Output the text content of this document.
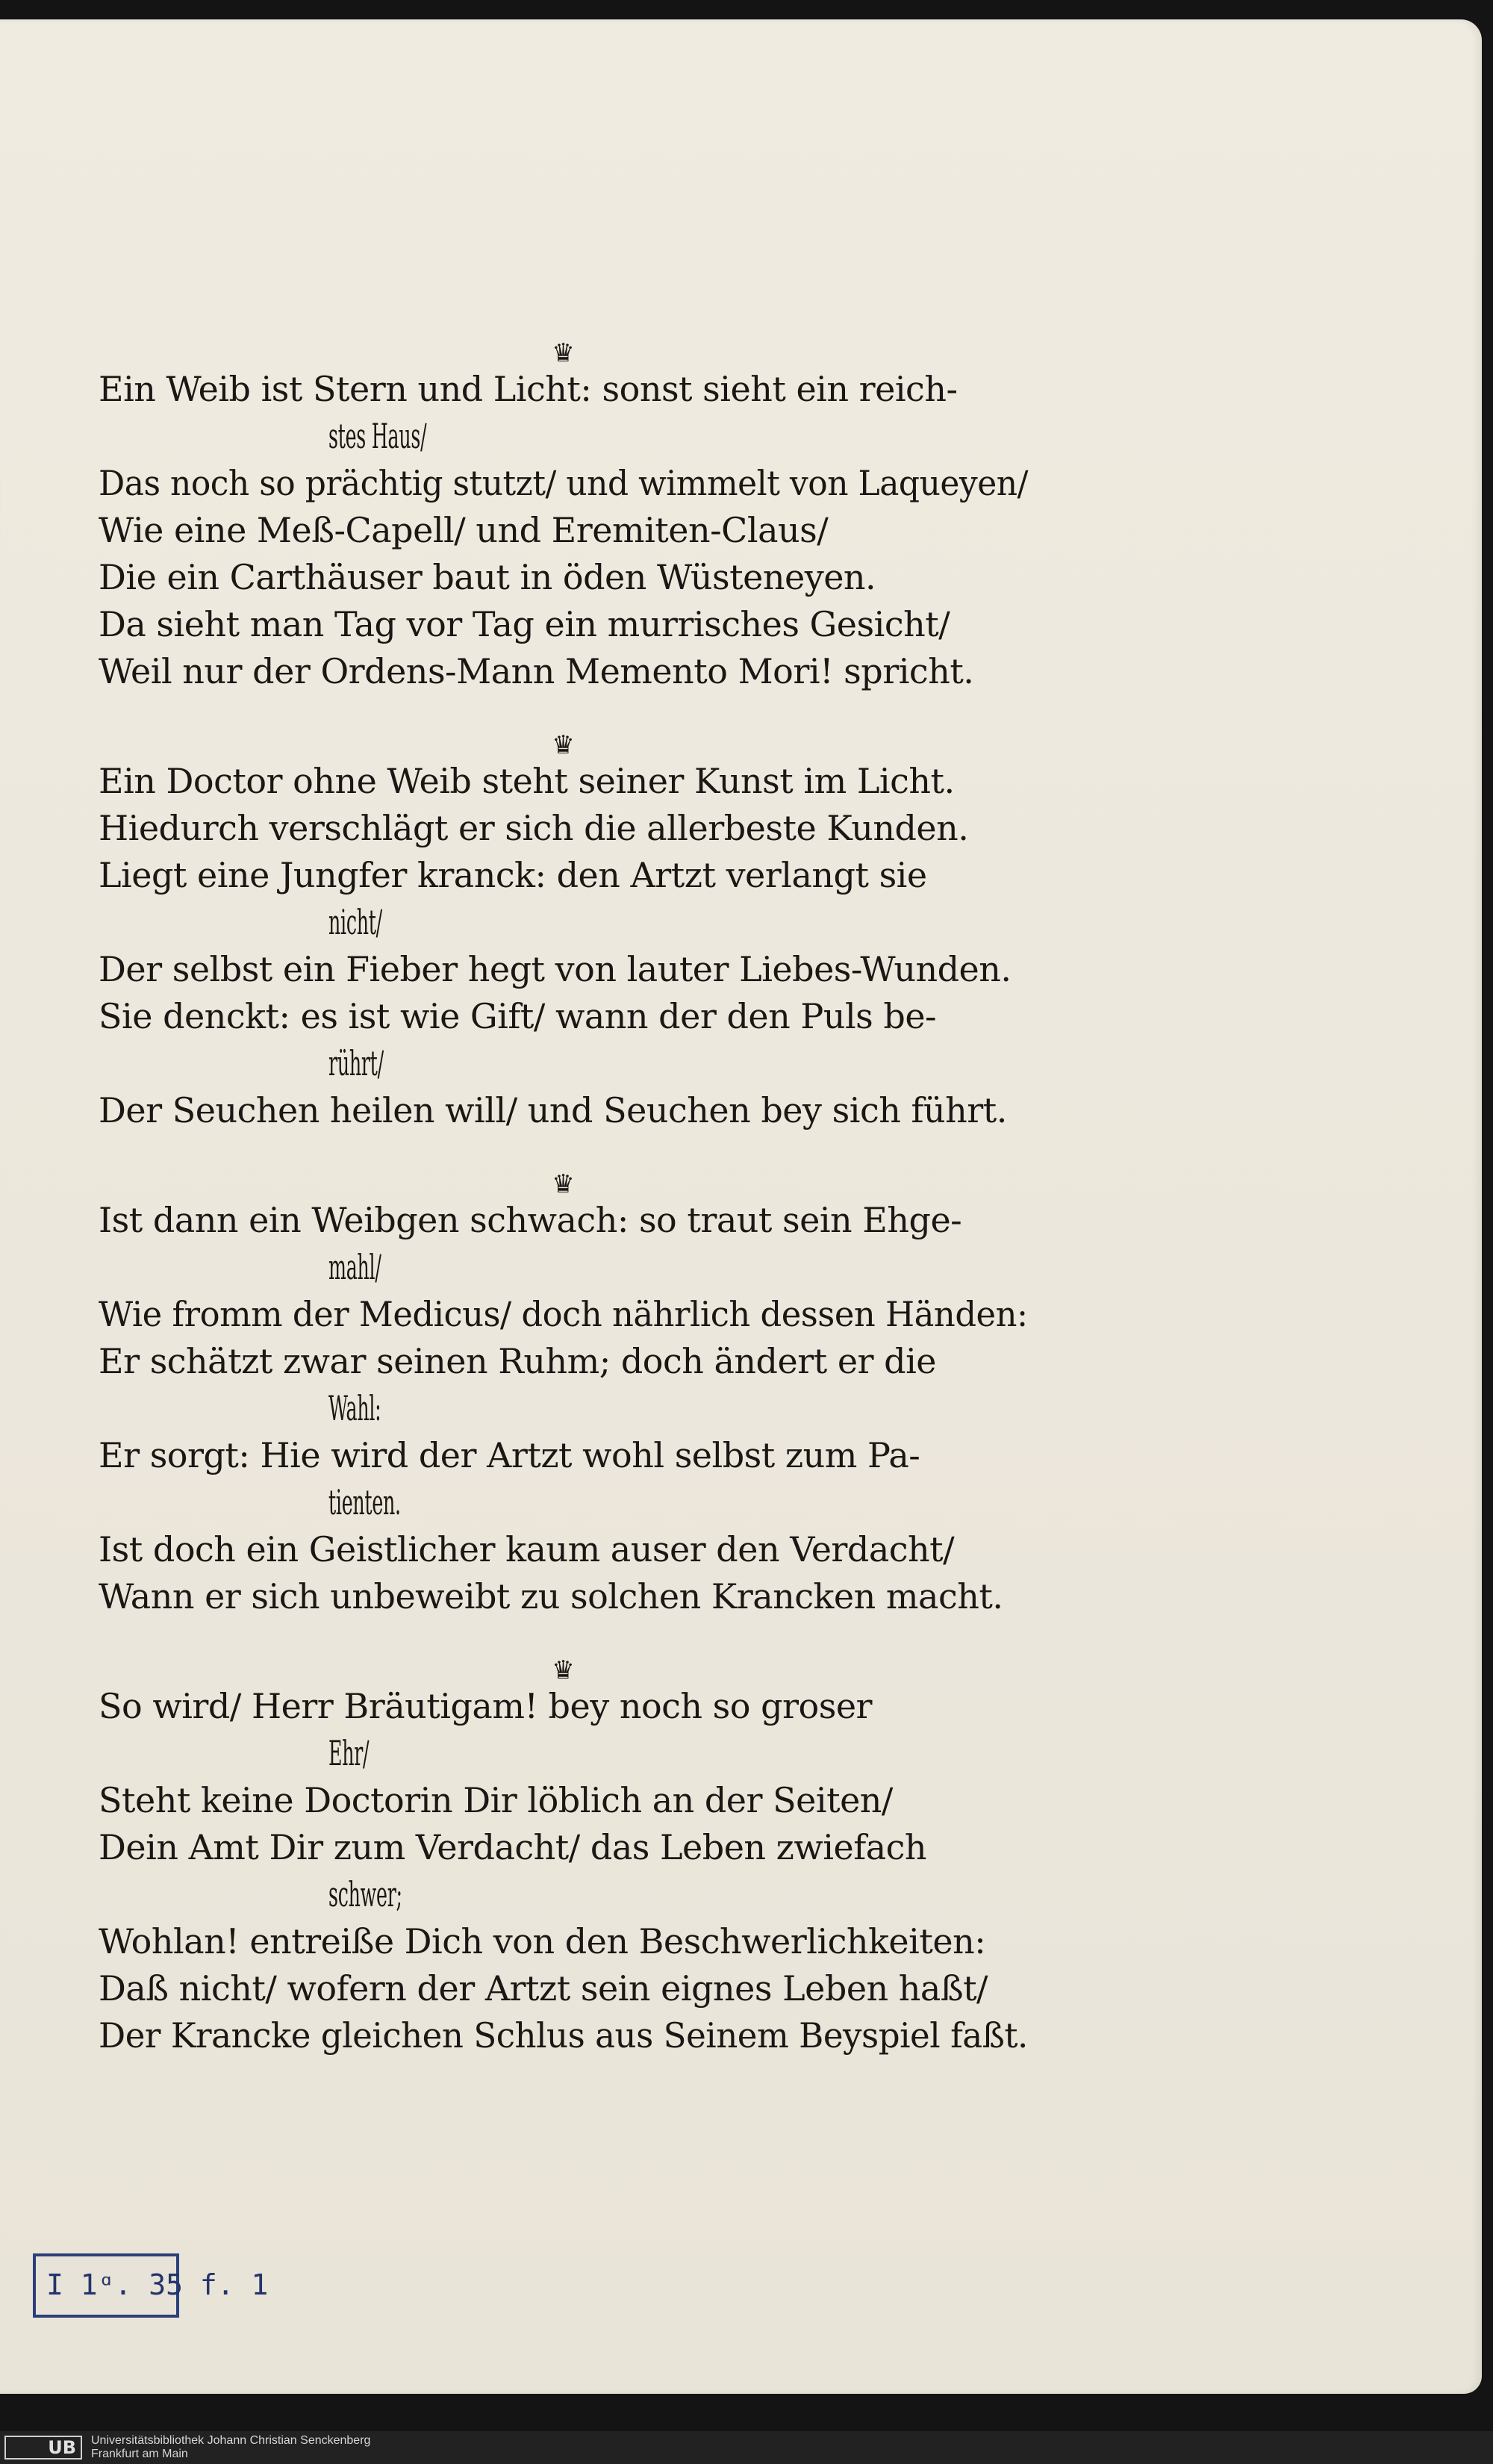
♛
Ein Weib ist Stern und Licht: sonst sieht ein reich-
stes Haus/
Das noch so prächtig stutzt/ und wimmelt von Laqueyen/
Wie eine Meß-Capell/ und Eremiten-Claus/
Die ein Carthäuser baut in öden Wüsteneyen.
Da sieht man Tag vor Tag ein murrisches Gesicht/
Weil nur der Ordens-Mann Memento Mori! spricht.
♛
Ein Doctor ohne Weib steht seiner Kunst im Licht.
Hiedurch verschlägt er sich die allerbeste Kunden.
Liegt eine Jungfer kranck: den Artzt verlangt sie
nicht/
Der selbst ein Fieber hegt von lauter Liebes-Wunden.
Sie denckt: es ist wie Gift/ wann der den Puls be-
rührt/
Der Seuchen heilen will/ und Seuchen bey sich führt.
♛
Ist dann ein Weibgen schwach: so traut sein Ehge-
mahl/
Wie fromm der Medicus/ doch nährlich dessen Händen:
Er schätzt zwar seinen Ruhm; doch ändert er die
Wahl:
Er sorgt: Hie wird der Artzt wohl selbst zum Pa-
tienten.
Ist doch ein Geistlicher kaum auser den Verdacht/
Wann er sich unbeweibt zu solchen Krancken macht.
♛
So wird/ Herr Bräutigam! bey noch so groser
Ehr/
Steht keine Doctorin Dir löblich an der Seiten/
Dein Amt Dir zum Verdacht/ das Leben zwiefach
schwer;
Wohlan! entreiße Dich von den Beschwerlichkeiten:
Daß nicht/ wofern der Artzt sein eignes Leben haßt/
Der Krancke gleichen Schlus aus Seinem Beyspiel faßt.
I 1ᵅ. 35 f. 1
UB	Universitätsbibliothek Johann Christian Senckenberg
Frankfurt am Main
